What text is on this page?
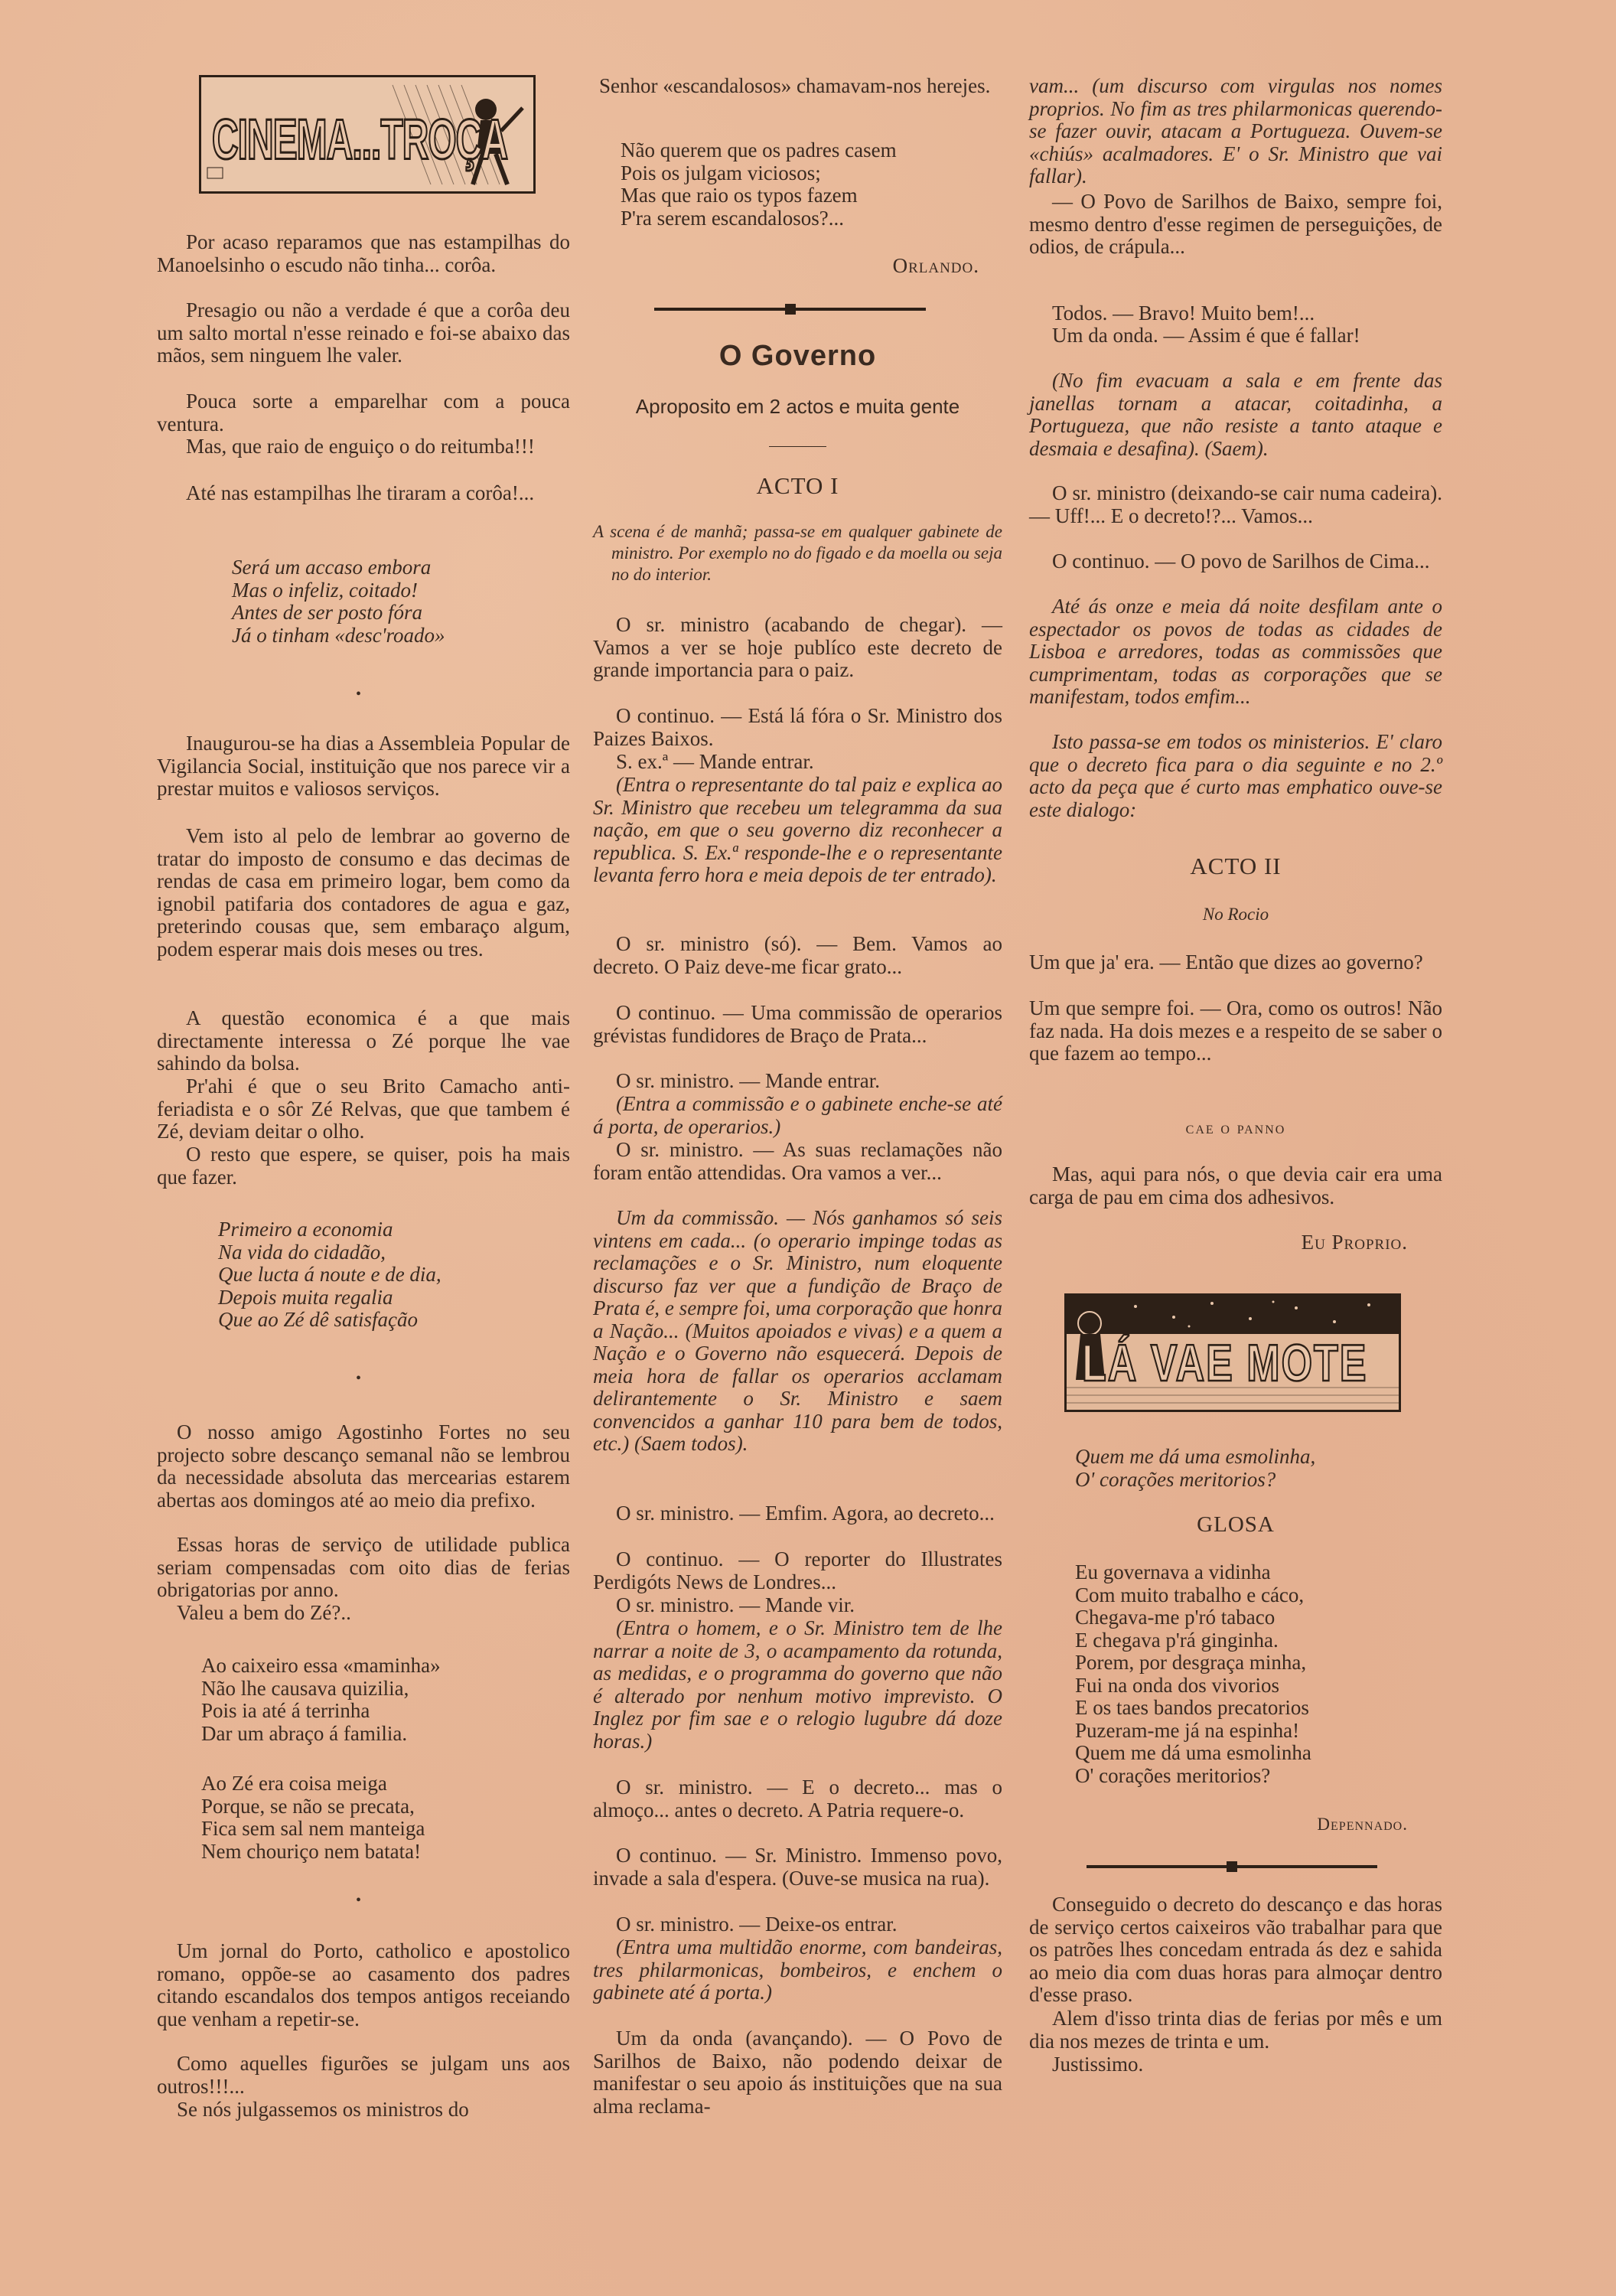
CINEMA...TROÇA

Por acaso reparamos que nas estampilhas do Manoelsinho o escudo não tinha... corôa.

Presagio ou não a verdade é que a corôa deu um salto mortal n'esse reinado e foi-se abaixo das mãos, sem ninguem lhe valer.

Pouca sorte a emparelhar com a pouca ventura.

Mas, que raio de enguiço o do reitumba!!!

Até nas estampilhas lhe tiraram a corôa!...

Será um accaso embora
Mas o infeliz, coitado!
Antes de ser posto fóra
Já o tinham «desc'roado»
•

Inaugurou-se ha dias a Assembleia Popular de Vigilancia Social, instituição que nos parece vir a prestar muitos e valiosos serviços.

Vem isto al pelo de lembrar ao governo de tratar do imposto de consumo e das decimas de rendas de casa em primeiro logar, bem como da ignobil patifaria dos contadores de agua e gaz, preterindo cousas que, sem embaraço algum, podem esperar mais dois meses ou tres.

A questão economica é a que mais directamente interessa o Zé porque lhe vae sahindo da bolsa.

Pr'ahi é que o seu Brito Camacho anti-feriadista e o sôr Zé Relvas, que que tambem é Zé, deviam deitar o olho.

O resto que espere, se quiser, pois ha mais que fazer.

Primeiro a economia
Na vida do cidadão,
Que lucta á noute e de dia,
Depois muita regalia
Que ao Zé dê satisfação
•

O nosso amigo Agostinho Fortes no seu projecto sobre descanço semanal não se lembrou da necessidade absoluta das mercearias estarem abertas aos domingos até ao meio dia prefixo.

Essas horas de serviço de utilidade publica seriam compensadas com oito dias de ferias obrigatorias por anno.

Valeu a bem do Zé?..

Ao caixeiro essa «maminha»
Não lhe causava quizilia,
Pois ia até á terrinha
Dar um abraço á familia.
Ao Zé era coisa meiga
Porque, se não se precata,
Fica sem sal nem manteiga
Nem chouriço nem batata!
•

Um jornal do Porto, catholico e apostolico romano, oppõe-se ao casamento dos padres citando escandalos dos tempos antigos receiando que venham a repetir-se.

Como aquelles figurões se julgam uns aos outros!!!...

Se nós julgassemos os ministros do

Senhor «escandalosos» chamavam-nos herejes.

Não querem que os padres casem
Pois os julgam viciosos;
Mas que raio os typos fazem
P'ra serem escandalosos?...
Orlando.
O Governo
Aproposito em 2 actos e muita gente
ACTO I

A scena é de manhã; passa-se em qualquer gabinete de ministro. Por exemplo no do figado e da moella ou seja no do interior.

O sr. ministro (acabando de chegar). — Vamos a ver se hoje publíco este decreto de grande importancia para o paiz.

O continuo. — Está lá fóra o Sr. Ministro dos Paizes Baixos.

S. ex.ª — Mande entrar.

(Entra o representante do tal paiz e explica ao Sr. Ministro que recebeu um telegramma da sua nação, em que o seu governo diz reconhecer a republica. S. Ex.ª responde-lhe e o representante levanta ferro hora e meia depois de ter entrado).

O sr. ministro (só). — Bem. Vamos ao decreto. O Paiz deve-me ficar grato...

O continuo. — Uma commissão de operarios grévistas fundidores de Braço de Prata...

O sr. ministro. — Mande entrar.

(Entra a commissão e o gabinete enche-se até á porta, de operarios.)

O sr. ministro. — As suas reclamações não foram então attendidas. Ora vamos a ver...

Um da commissão. — Nós ganhamos só seis vintens em cada... (o operario impinge todas as reclamações e o Sr. Ministro, num eloquente discurso faz ver que a fundição de Braço de Prata é, e sempre foi, uma corporação que honra a Nação... (Muitos apoiados e vivas) e a quem a Nação e o Governo não esquecerá. Depois de meia hora de fallar os operarios acclamam delirantemente o Sr. Ministro e saem convencidos a ganhar 110 para bem de todos, etc.) (Saem todos).

O sr. ministro. — Emfim. Agora, ao decreto...

O continuo. — O reporter do Illustrates Perdigóts News de Londres...

O sr. ministro. — Mande vir.

(Entra o homem, e o Sr. Ministro tem de lhe narrar a noite de 3, o acampamento da rotunda, as medidas, e o programma do governo que não é alterado por nenhum motivo imprevisto. O Inglez por fim sae e o relogio lugubre dá doze horas.)

O sr. ministro. — E o decreto... mas o almoço... antes o decreto. A Patria requere-o.

O continuo. — Sr. Ministro. Immenso povo, invade a sala d'espera. (Ouve-se musica na rua).

O sr. ministro. — Deixe-os entrar.

(Entra uma multidão enorme, com bandeiras, tres philarmonicas, bombeiros, e enchem o gabinete até á porta.)

Um da onda (avançando). — O Povo de Sarilhos de Baixo, não podendo deixar de manifestar o seu apoio ás instituições que na sua alma reclama-

vam... (um discurso com virgulas nos nomes proprios. No fim as tres philarmonicas querendo-se fazer ouvir, atacam a Portugueza. Ouvem-se «chiús» acalmadores. E' o Sr. Ministro que vai fallar).

— O Povo de Sarilhos de Baixo, sempre foi, mesmo dentro d'esse regimen de perseguições, de odios, de crápula...

Todos. — Bravo! Muito bem!...

Um da onda. — Assim é que é fallar!

(No fim evacuam a sala e em frente das janellas tornam a atacar, coitadinha, a Portugueza, que não resiste a tanto ataque e desmaia e desafina). (Saem).

O sr. ministro (deixando-se cair numa cadeira). — Uff!... E o decreto!?... Vamos...

O continuo. — O povo de Sarilhos de Cima...

Até ás onze e meia dá noite desfilam ante o espectador os povos de todas as cidades de Lisboa e arredores, todas as commissões que cumprimentam, todas as corporações que se manifestam, todos emfim...

Isto passa-se em todos os ministerios. E' claro que o decreto fica para o dia seguinte e no 2.º acto da peça que é curto mas emphatico ouve-se este dialogo:

ACTO II
No Rocio

Um que ja' era. — Então que dizes ao governo?

Um que sempre foi. — Ora, como os outros! Não faz nada. Ha dois mezes e a respeito de se saber o que fazem ao tempo...

cae o panno

Mas, aqui para nós, o que devia cair era uma carga de pau em cima dos adhesivos.

Eu Proprio.
LÁ VAE MOTE
Quem me dá uma esmolinha,
O' corações meritorios?
GLOSA
Eu governava a vidinha
Com muito trabalho e cáco,
Chegava-me p'ró tabaco
E chegava p'rá ginginha.
Porem, por desgraça minha,
Fui na onda dos vivorios
E os taes bandos precatorios
Puzeram-me já na espinha!
Quem me dá uma esmolinha
O' corações meritorios?
Depennado.

Conseguido o decreto do descanço e das horas de serviço certos caixeiros vão trabalhar para que os patrões lhes concedam entrada ás dez e sahida ao meio dia com duas horas para almoçar dentro d'esse praso.

Alem d'isso trinta dias de ferias por mês e um dia nos mezes de trinta e um.

Justissimo.
